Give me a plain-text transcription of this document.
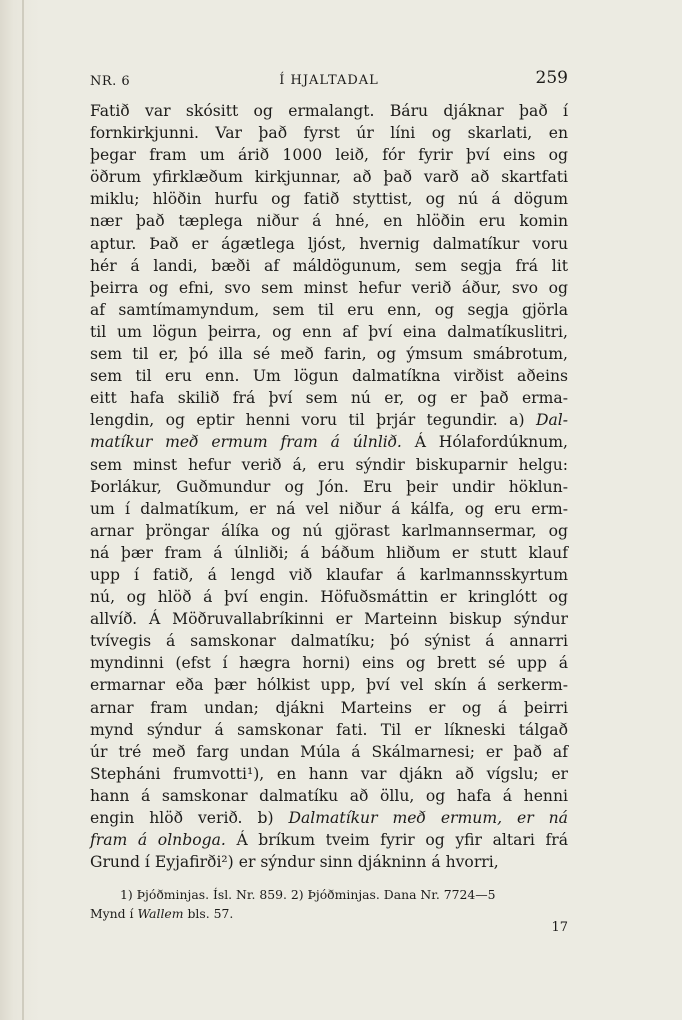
NR. 6	Í HJALTADAL	259
Fatið var skósitt og ermalangt. Báru djáknar það í
fornkirkjunni. Var það fyrst úr líni og skarlati, en
þegar fram um árið 1000 leið, fór fyrir því eins og
öðrum yfirklæðum kirkjunnar, að það varð að skartfati
miklu; hlöðin hurfu og fatið styttist, og nú á dögum
nær það tæplega niður á hné, en hlöðin eru komin
aptur. Það er ágætlega ljóst, hvernig dalmatíkur voru
hér á landi, bæði af máldögunum, sem segja frá lit
þeirra og efni, svo sem minst hefur verið áður, svo og
af samtímamyndum, sem til eru enn, og segja gjörla
til um lögun þeirra, og enn af því eina dalmatíkuslitri,
sem til er, þó illa sé með farin, og ýmsum smábrotum,
sem til eru enn. Um lögun dalmatíkna virðist aðeins
eitt hafa skilið frá því sem nú er, og er það erma-
lengdin, og eptir henni voru til þrjár tegundir. a) Dal-
matíkur með ermum fram á úlnlið. Á Hólafordúknum,
sem minst hefur verið á, eru sýndir biskuparnir helgu:
Þorlákur, Guðmundur og Jón. Eru þeir undir höklun-
um í dalmatíkum, er ná vel niður á kálfa, og eru erm-
arnar þröngar álíka og nú gjörast karlmannsermar, og
ná þær fram á úlnliði; á báðum hliðum er stutt klauf
upp í fatið, á lengd við klaufar á karlmannsskyrtum
nú, og hlöð á því engin. Höfuðsmáttin er kringlótt og
allvíð. Á Möðruvallabríkinni er Marteinn biskup sýndur
tvívegis á samskonar dalmatíku; þó sýnist á annarri
myndinni (efst í hægra horni) eins og brett sé upp á
ermarnar eða þær hólkist upp, því vel skín á serkerm-
arnar fram undan; djákni Marteins er og á þeirri
mynd sýndur á samskonar fati. Til er líkneski tálgað
úr tré með farg undan Múla á Skálmarnesi; er það af
Stepháni frumvotti¹), en hann var djákn að vígslu; er
hann á samskonar dalmatíku að öllu, og hafa á henni
engin hlöð verið. b) Dalmatíkur með ermum, er ná
fram á olnboga. Á bríkum tveim fyrir og yfir altari frá
Grund í Eyjafirði²) er sýndur sinn djákninn á hvorri,
1) Þjóðminjas. Ísl. Nr. 859. 2) Þjóðminjas. Dana Nr. 7724—5
Mynd í Wallem bls. 57.
17
